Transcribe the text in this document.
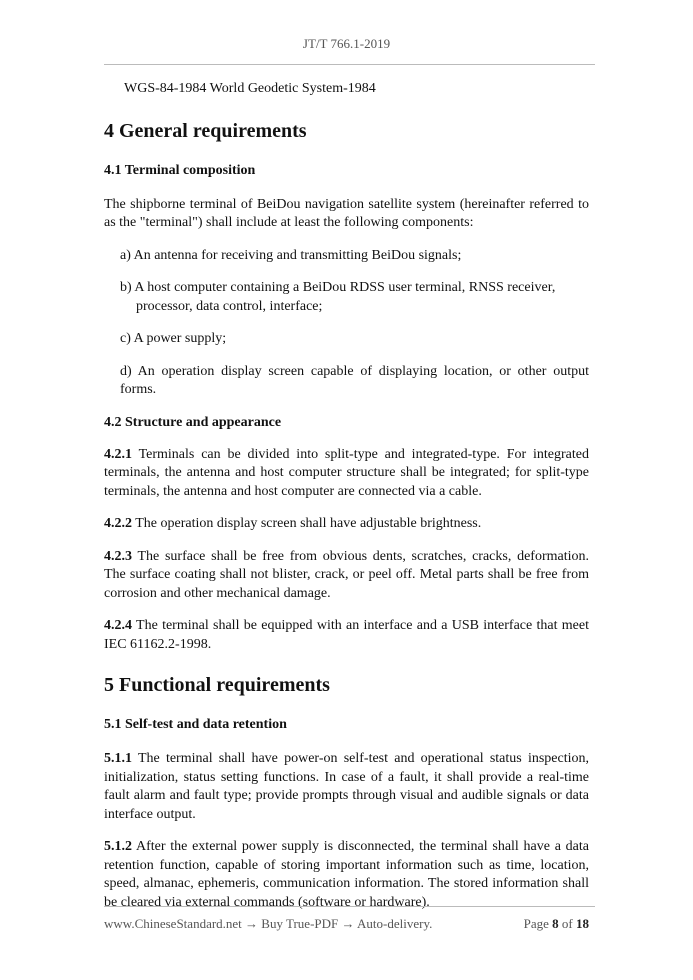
JT/T 766.1-2019

WGS-84-1984 World Geodetic System-1984

4 General requirements
4.1 Terminal composition

The shipborne terminal of BeiDou navigation satellite system (hereinafter referred to as the "terminal") shall include at least the following components:

a) An antenna for receiving and transmitting BeiDou signals;

b) A host computer containing a BeiDou RDSS user terminal, RNSS receiver,

processor, data control, interface;

c) A power supply;

d) An operation display screen capable of displaying location, or other output forms.

4.2 Structure and appearance

4.2.1 Terminals can be divided into split-type and integrated-type. For integrated terminals, the antenna and host computer structure shall be integrated; for split-type terminals, the antenna and host computer are connected via a cable.

4.2.2 The operation display screen shall have adjustable brightness.

4.2.3 The surface shall be free from obvious dents, scratches, cracks, deformation. The surface coating shall not blister, crack, or peel off. Metal parts shall be free from corrosion and other mechanical damage.

4.2.4 The terminal shall be equipped with an interface and a USB interface that meet IEC 61162.2-1998.

5 Functional requirements
5.1 Self-test and data retention

5.1.1 The terminal shall have power-on self-test and operational status inspection, initialization, status setting functions. In case of a fault, it shall provide a real-time fault alarm and fault type; provide prompts through visual and audible signals or data interface output.

5.1.2 After the external power supply is disconnected, the terminal shall have a data retention function, capable of storing important information such as time, location, speed, almanac, ephemeris, communication information. The stored information shall be cleared via external commands (software or hardware).

www.ChineseStandard.net → Buy True-PDF → Auto-delivery.	Page 8 of 18
